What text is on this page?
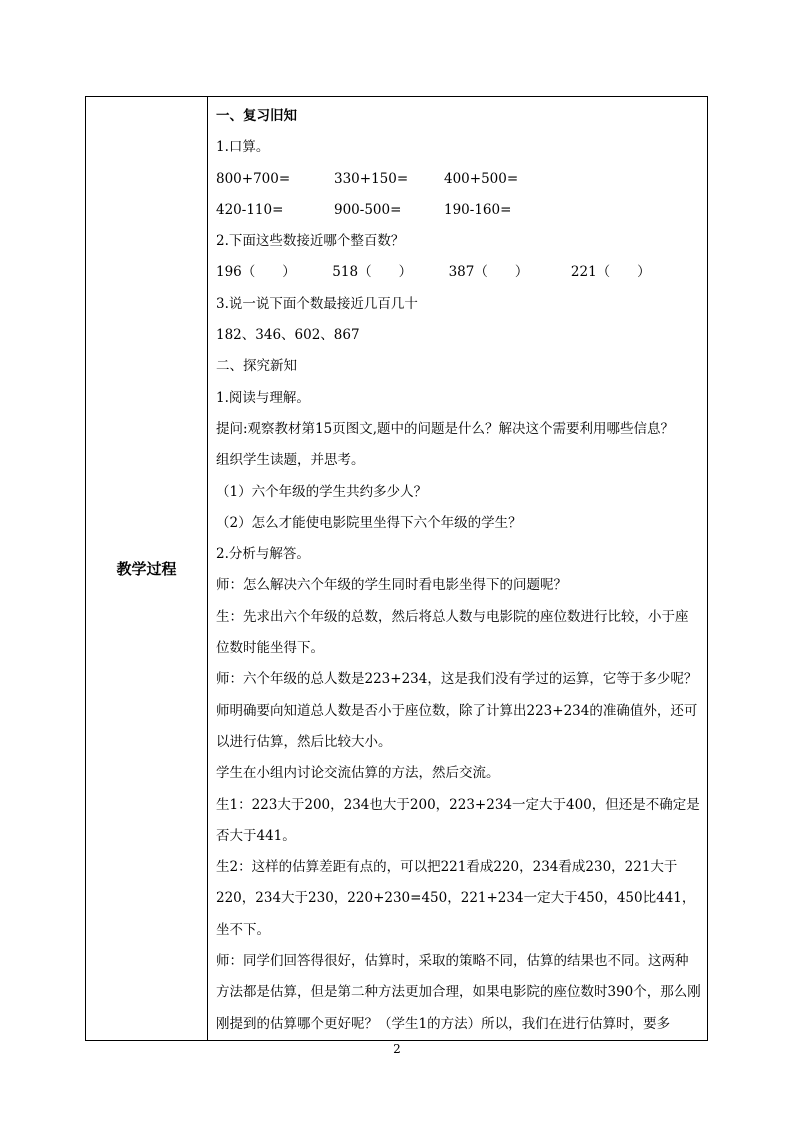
教学过程	
一、复习旧知
1.口算。
800+700=	330+150=	400+500=
420-110=	900-500=	190-160=
2.下面这些数接近哪个整百数？
196（　　）	518（　　）	387（　　）	221（　　）
3.说一说下面个数最接近几百几十
182、346、602、867
二、探究新知
1.阅读与理解。
提问:观察教材第15页图文,题中的问题是什么？解决这个需要利用哪些信息？
组织学生读题，并思考。
（1）六个年级的学生共约多少人？
（2）怎么才能使电影院里坐得下六个年级的学生？
2.分析与解答。
师：怎么解决六个年级的学生同时看电影坐得下的问题呢？
生：先求出六个年级的总数，然后将总人数与电影院的座位数进行比较，小于座位数时能坐得下。
师：六个年级的总人数是223+234，这是我们没有学过的运算，它等于多少呢？
师明确要向知道总人数是否小于座位数，除了计算出223+234的准确值外，还可以进行估算，然后比较大小。
学生在小组内讨论交流估算的方法，然后交流。
生1：223大于200，234也大于200，223+234一定大于400，但还是不确定是否大于441。
生2：这样的估算差距有点的，可以把221看成220，234看成230，221大于220，234大于230，220+230=450，221+234一定大于450，450比441，坐不下。
师：同学们回答得很好，估算时，采取的策略不同，估算的结果也不同。这两种方法都是估算，但是第二种方法更加合理，如果电影院的座位数时390个，那么刚刚提到的估算哪个更好呢？（学生1的方法）所以，我们在进行估算时，要多
2
